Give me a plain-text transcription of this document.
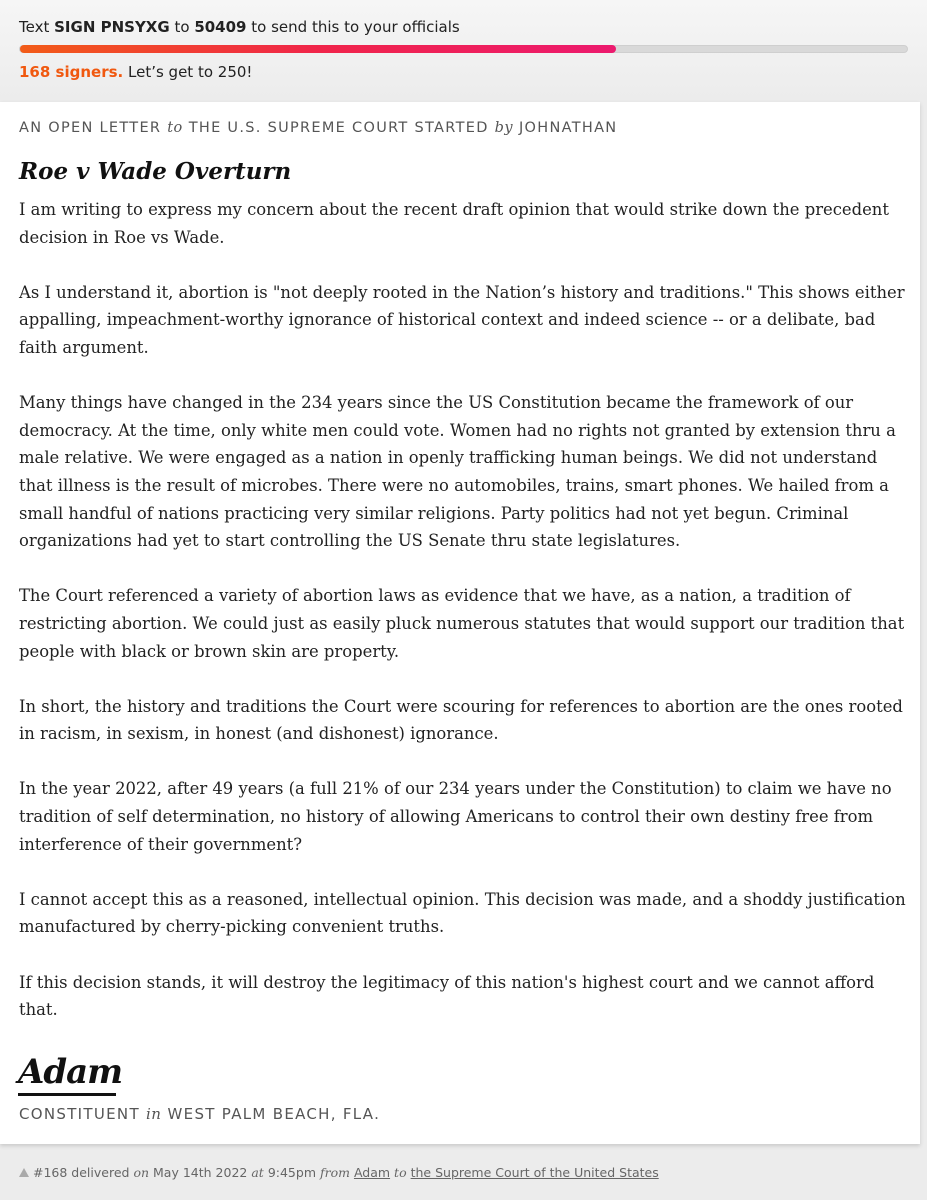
Text SIGN PNSYXG to 50409 to send this to your officials
168 signers. Let’s get to 250!
AN OPEN LETTER to THE U.S. SUPREME COURT STARTED by JOHNATHAN
Roe v Wade Overturn

I am writing to express my concern about the recent draft opinion that would strike down the precedent decision in Roe vs Wade.

As I understand it, abortion is "not deeply rooted in the Nation’s history and traditions." This shows either appalling, impeachment-worthy ignorance of historical context and indeed science -- or a delibate, bad faith argument.

Many things have changed in the 234 years since the US Constitution became the framework of our democracy. At the time, only white men could vote. Women had no rights not granted by extension thru a male relative. We were engaged as a nation in openly trafficking human beings. We did not understand that illness is the result of microbes. There were no automobiles, trains, smart phones. We hailed from a small handful of nations practicing very similar religions. Party politics had not yet begun. Criminal organizations had yet to start controlling the US Senate thru state legislatures.

The Court referenced a variety of abortion laws as evidence that we have, as a nation, a tradition of restricting abortion. We could just as easily pluck numerous statutes that would support our tradition that people with black or brown skin are property.

In short, the history and traditions the Court were scouring for references to abortion are the ones rooted in racism, in sexism, in honest (and dishonest) ignorance.

In the year 2022, after 49 years (a full 21% of our 234 years under the Constitution) to claim we have no tradition of self determination, no history of allowing Americans to control their own destiny free from interference of their government?

I cannot accept this as a reasoned, intellectual opinion. This decision was made, and a shoddy justification manufactured by cherry-picking convenient truths.

If this decision stands, it will destroy the legitimacy of this nation's highest court and we cannot afford that.

Adam
CONSTITUENT in WEST PALM BEACH, FLA.
#168 delivered on May 14th 2022 at 9:45pm from Adam to the Supreme Court of the United States
